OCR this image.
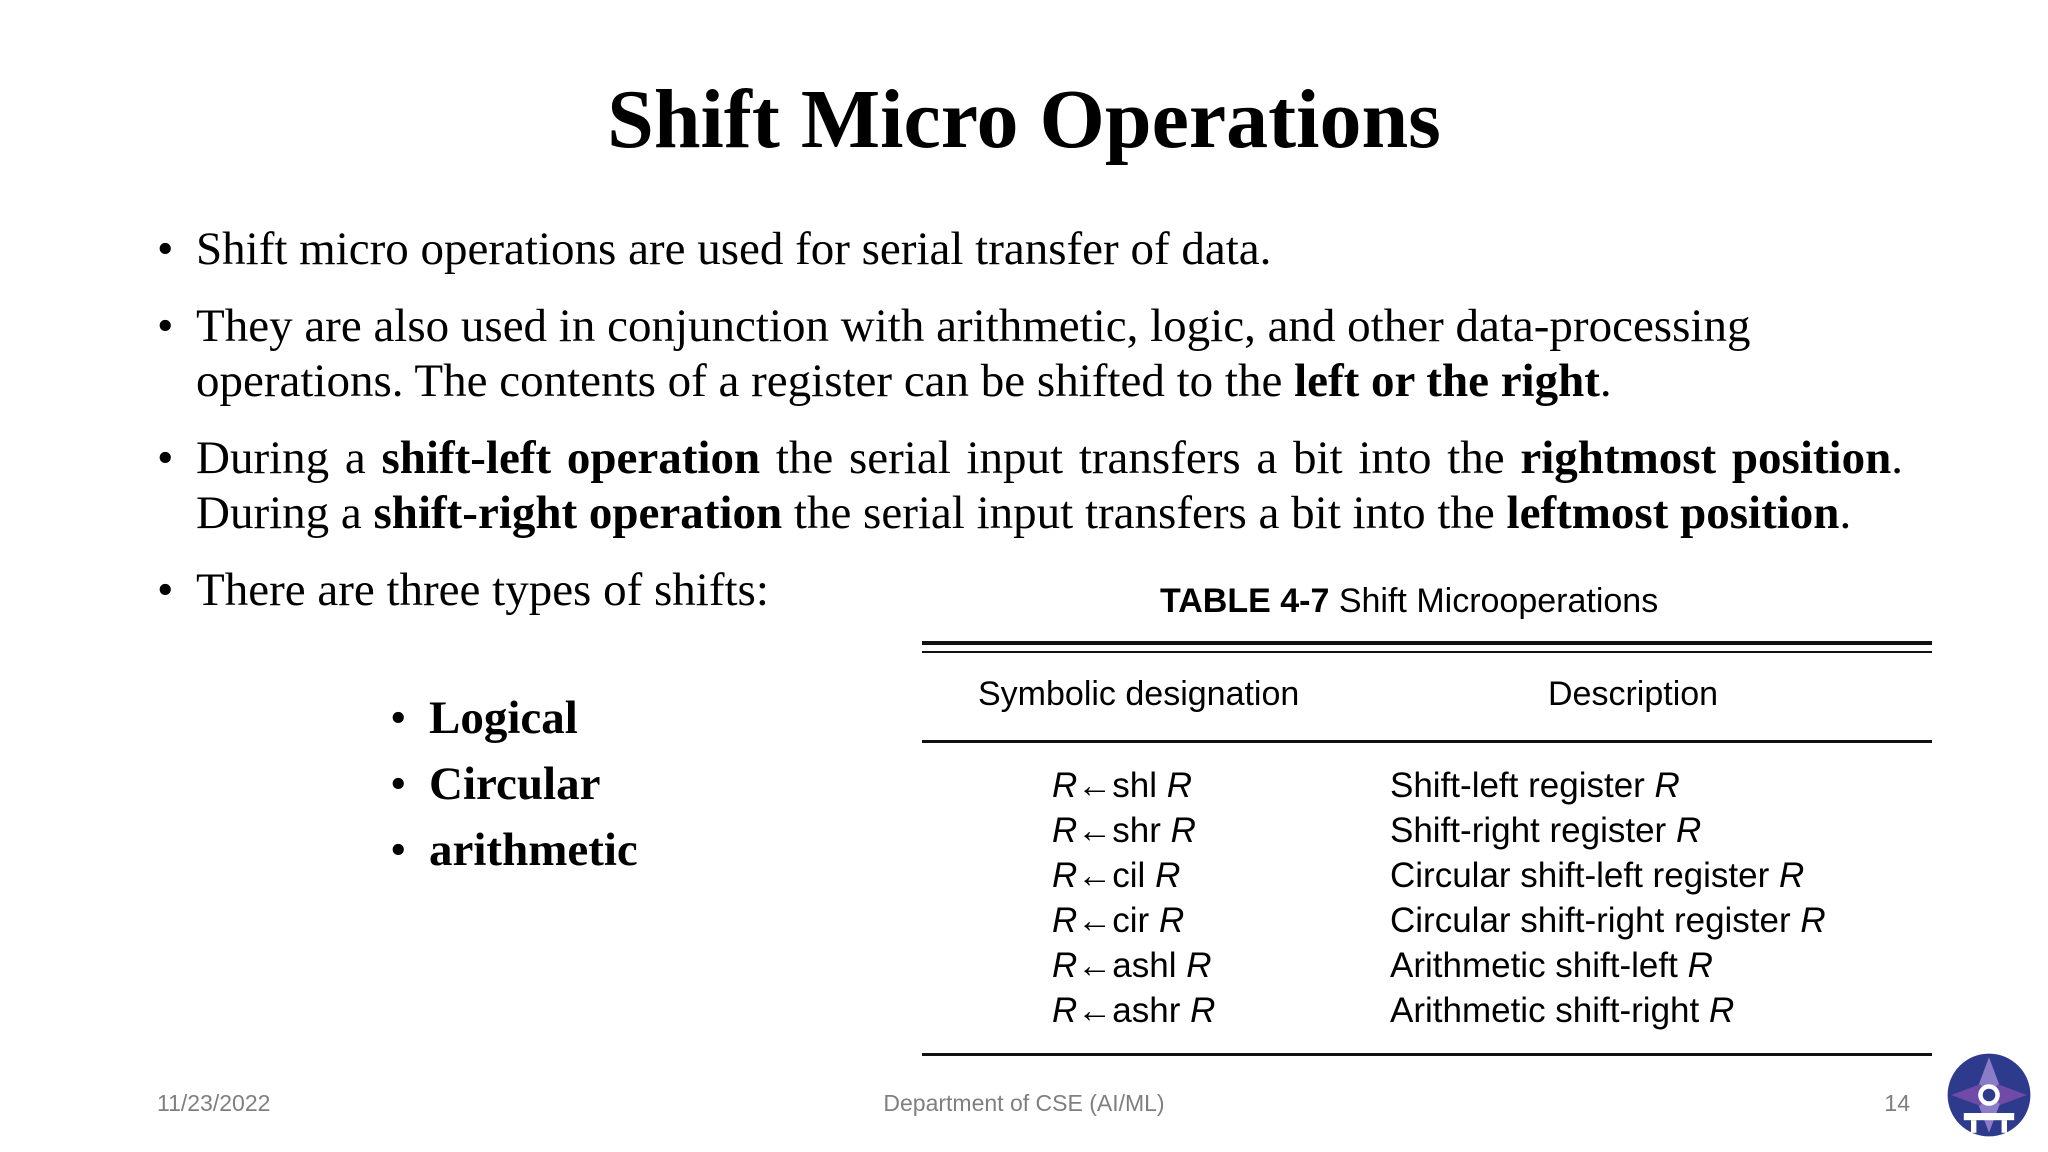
Shift Micro Operations
• Shift micro operations are used for serial transfer of data.
• They are also used in conjunction with arithmetic, logic, and other data-processing operations. The contents of a register can be shifted to the left or the right.
• During a shift-left operation the serial input transfers a bit into the rightmost position. During a shift-right operation the serial input transfers a bit into the leftmost position.
• There are three types of shifts:
• Logical
• Circular
• arithmetic
TABLE 4-7 Shift Microoperations
Symbolic designation	Description
R←shl R	Shift-left register R
R←shr R	Shift-right register R
R←cil R	Circular shift-left register R
R←cir R	Circular shift-right register R
R←ashl R	Arithmetic shift-left R
R←ashr R	Arithmetic shift-right R
11/23/2022	Department of CSE (AI/ML)	14
